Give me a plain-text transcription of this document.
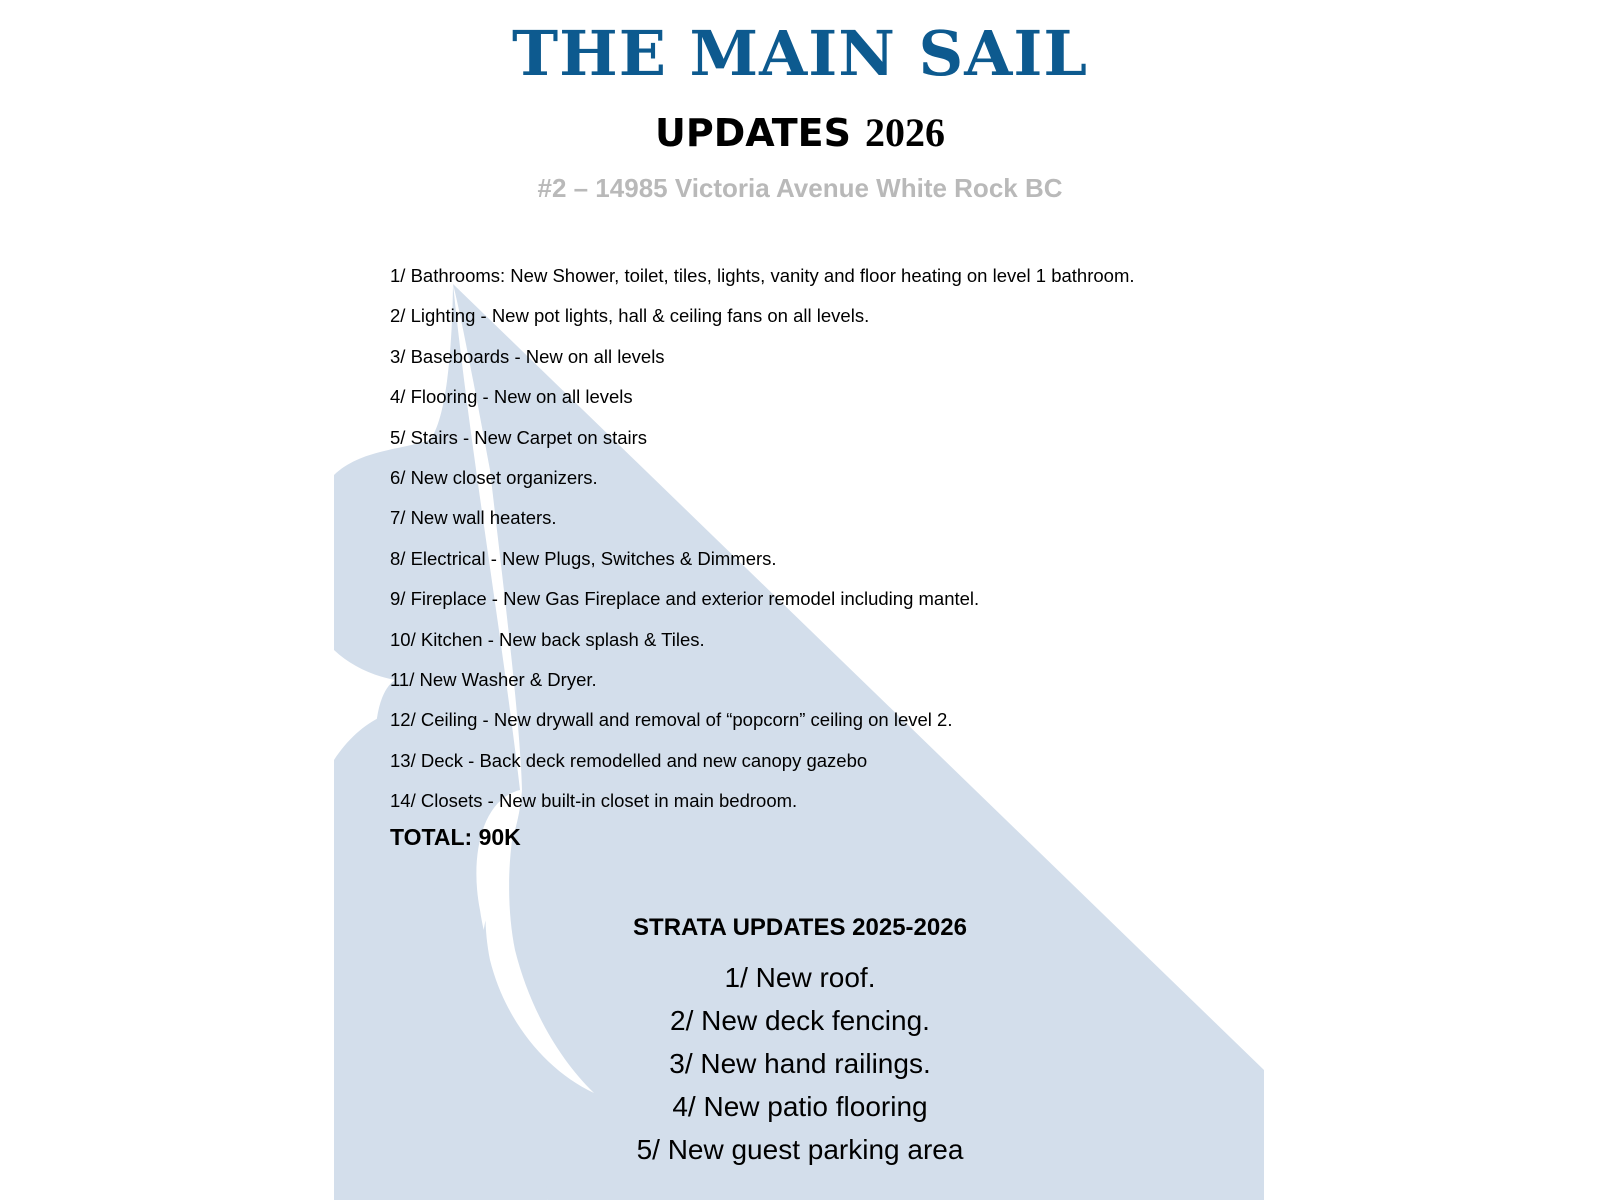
THE MAIN SAIL
UPDATES 2026
#2 – 14985 Victoria Avenue White Rock BC
1/ Bathrooms: New Shower, toilet, tiles, lights, vanity and floor heating on level 1 bathroom.
2/ Lighting - New pot lights, hall & ceiling fans on all levels.
3/ Baseboards - New on all levels
4/ Flooring - New on all levels
5/ Stairs - New Carpet on stairs
6/ New closet organizers.
7/ New wall heaters.
8/ Electrical - New Plugs, Switches & Dimmers.
9/ Fireplace - New Gas Fireplace and exterior remodel including mantel.
10/ Kitchen - New back splash & Tiles.
11/ New Washer & Dryer.
12/ Ceiling - New drywall and removal of “popcorn” ceiling on level 2.
13/ Deck - Back deck remodelled and new canopy gazebo
14/ Closets - New built-in closet in main bedroom.
TOTAL: 90K
STRATA UPDATES 2025-2026
1/ New roof.
2/ New deck fencing.
3/ New hand railings.
4/ New patio flooring
5/ New guest parking area
